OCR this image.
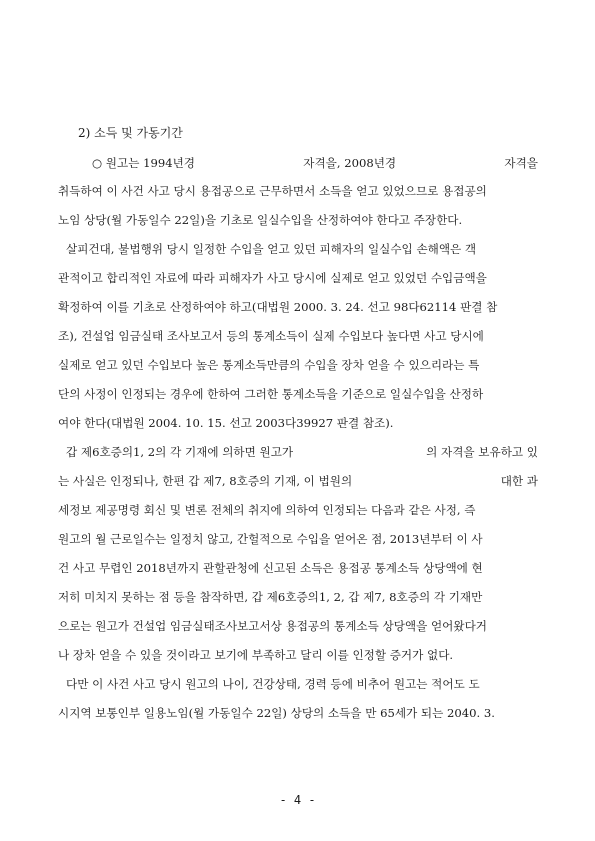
2) 소득 및 가동기간
○ 원고는 1994년경	자격을, 2008년경	자격을
취득하여 이 사건 사고 당시 용접공으로 근무하면서 소득을 얻고 있었으므로 용접공의
노임 상당(월 가동일수 22일)을 기초로 일실수입을 산정하여야 한다고 주장한다.
살피건대, 불법행위 당시 일정한 수입을 얻고 있던 피해자의 일실수입 손해액은 객
관적이고 합리적인 자료에 따라 피해자가 사고 당시에 실제로 얻고 있었던 수입금액을
확정하여 이를 기초로 산정하여야 하고(대법원 2000. 3. 24. 선고 98다62114 판결 참
조), 건설업 임금실태 조사보고서 등의 통계소득이 실제 수입보다 높다면 사고 당시에
실제로 얻고 있던 수입보다 높은 통계소득만큼의 수입을 장차 얻을 수 있으리라는 특
단의 사정이 인정되는 경우에 한하여 그러한 통계소득을 기준으로 일실수입을 산정하
여야 한다(대법원 2004. 10. 15. 선고 2003다39927 판결 참조).
갑 제6호증의1, 2의 각 기재에 의하면 원고가	의 자격을 보유하고 있
는 사실은 인정되나, 한편 갑 제7, 8호증의 기재, 이 법원의	대한 과
세정보 제공명령 회신 및 변론 전체의 취지에 의하여 인정되는 다음과 같은 사정, 즉
원고의 월 근로일수는 일정치 않고, 간헐적으로 수입을 얻어온 점, 2013년부터 이 사
건 사고 무렵인 2018년까지 관할관청에 신고된 소득은 용접공 통계소득 상당액에 현
저히 미치지 못하는 점 등을 참작하면, 갑 제6호증의1, 2, 갑 제7, 8호증의 각 기재만
으로는 원고가 건설업 임금실태조사보고서상 용접공의 통계소득 상당액을 얻어왔다거
나 장차 얻을 수 있을 것이라고 보기에 부족하고 달리 이를 인정할 증거가 없다.
다만 이 사건 사고 당시 원고의 나이, 건강상태, 경력 등에 비추어 원고는 적어도 도
시지역 보통인부 일용노임(월 가동일수 22일) 상당의 소득을 만 65세가 되는 2040. 3.
- 4 -
